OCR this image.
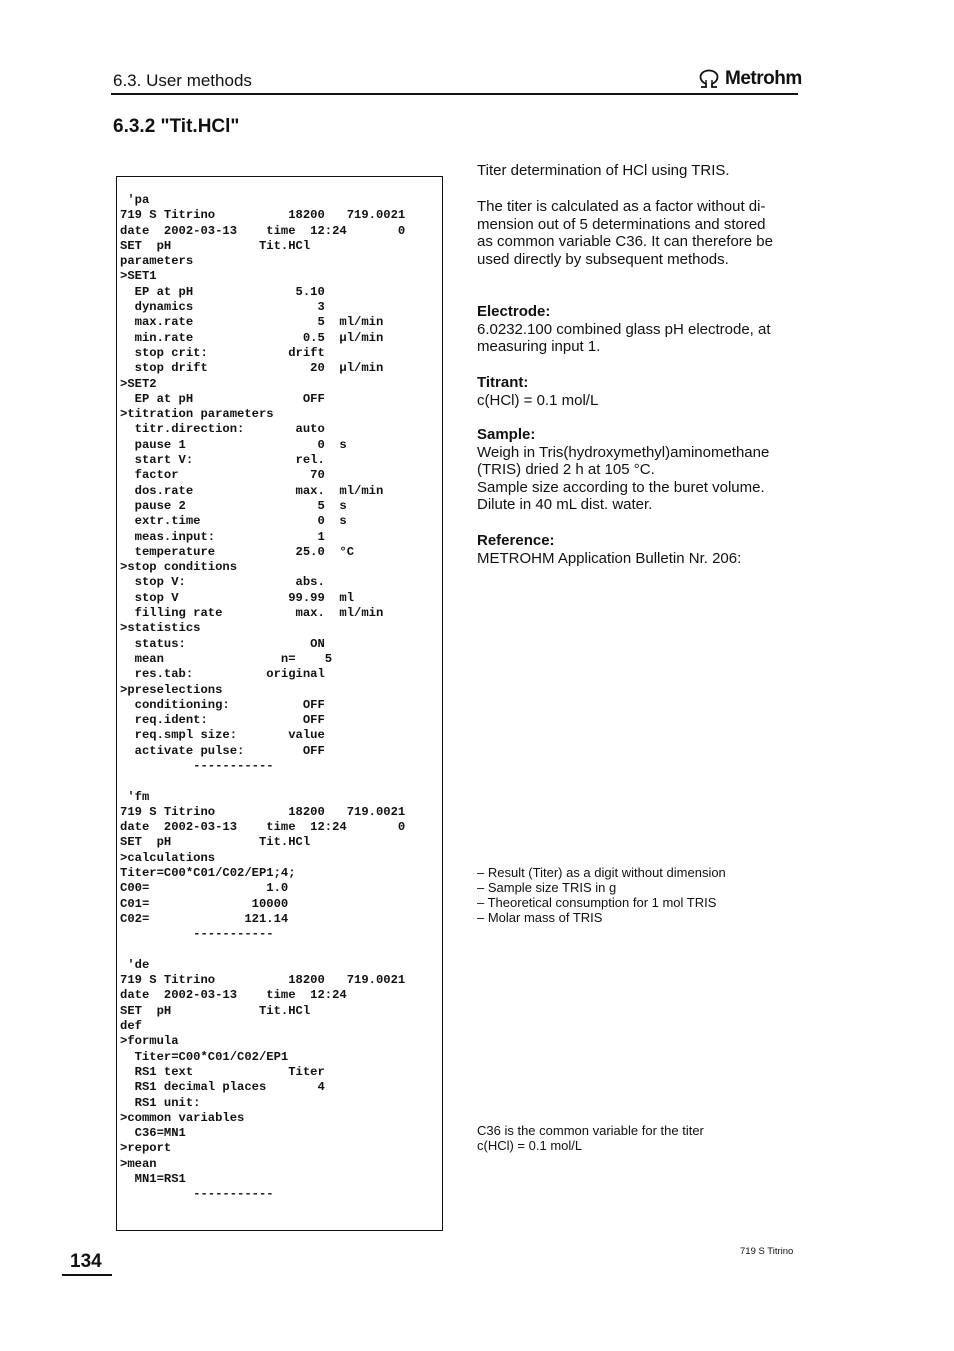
6.3. User methods	Metrohm
6.3.2 "Tit.HCl"
'pa
719 S Titrino          18200   719.0021
date  2002-03-13    time  12:24       0
SET  pH            Tit.HCl
parameters
>SET1
EP at pH              5.10
dynamics                 3
max.rate                 5  ml/min
min.rate               0.5  µl/min
stop crit:           drift
stop drift              20  µl/min
>SET2
EP at pH               OFF
>titration parameters
titr.direction:       auto
pause 1                  0  s
start V:              rel.
factor                  70
dos.rate              max.  ml/min
pause 2                  5  s
extr.time                0  s
meas.input:              1
temperature           25.0  °C
>stop conditions
stop V:               abs.
stop V               99.99  ml
filling rate          max.  ml/min
>statistics
status:                 ON
mean                n=    5
res.tab:          original
>preselections
conditioning:          OFF
req.ident:             OFF
req.smpl size:       value
activate pulse:        OFF
-----------

'fm
719 S Titrino          18200   719.0021
date  2002-03-13    time  12:24       0
SET  pH            Tit.HCl
>calculations
Titer=C00*C01/C02/EP1;4;
C00=                1.0
C01=              10000
C02=             121.14
-----------

'de
719 S Titrino          18200   719.0021
date  2002-03-13    time  12:24
SET  pH            Tit.HCl
def
>formula
Titer=C00*C01/C02/EP1
RS1 text             Titer
RS1 decimal places       4
RS1 unit:
>common variables
C36=MN1
>report
>mean
MN1=RS1
-----------
Titer determination of HCl using TRIS.
The titer is calculated as a factor without di-
mension out of 5 determinations and stored
as common variable C36. It can therefore be
used directly by subsequent methods.
Electrode:
6.0232.100 combined glass pH electrode, at
measuring input 1.
Titrant:
c(HCl) = 0.1 mol/L
Sample:
Weigh in Tris(hydroxymethyl)aminomethane
(TRIS) dried 2 h at 105 °C.
Sample size according to the buret volume.
Dilute in 40 mL dist. water.
Reference:
METROHM Application Bulletin Nr. 206:
– Result (Titer) as a digit without dimension
– Sample size TRIS in g
– Theoretical consumption for 1 mol TRIS
– Molar mass of TRIS
C36 is the common variable for the titer
c(HCl) = 0.1 mol/L
134	719 S Titrino
